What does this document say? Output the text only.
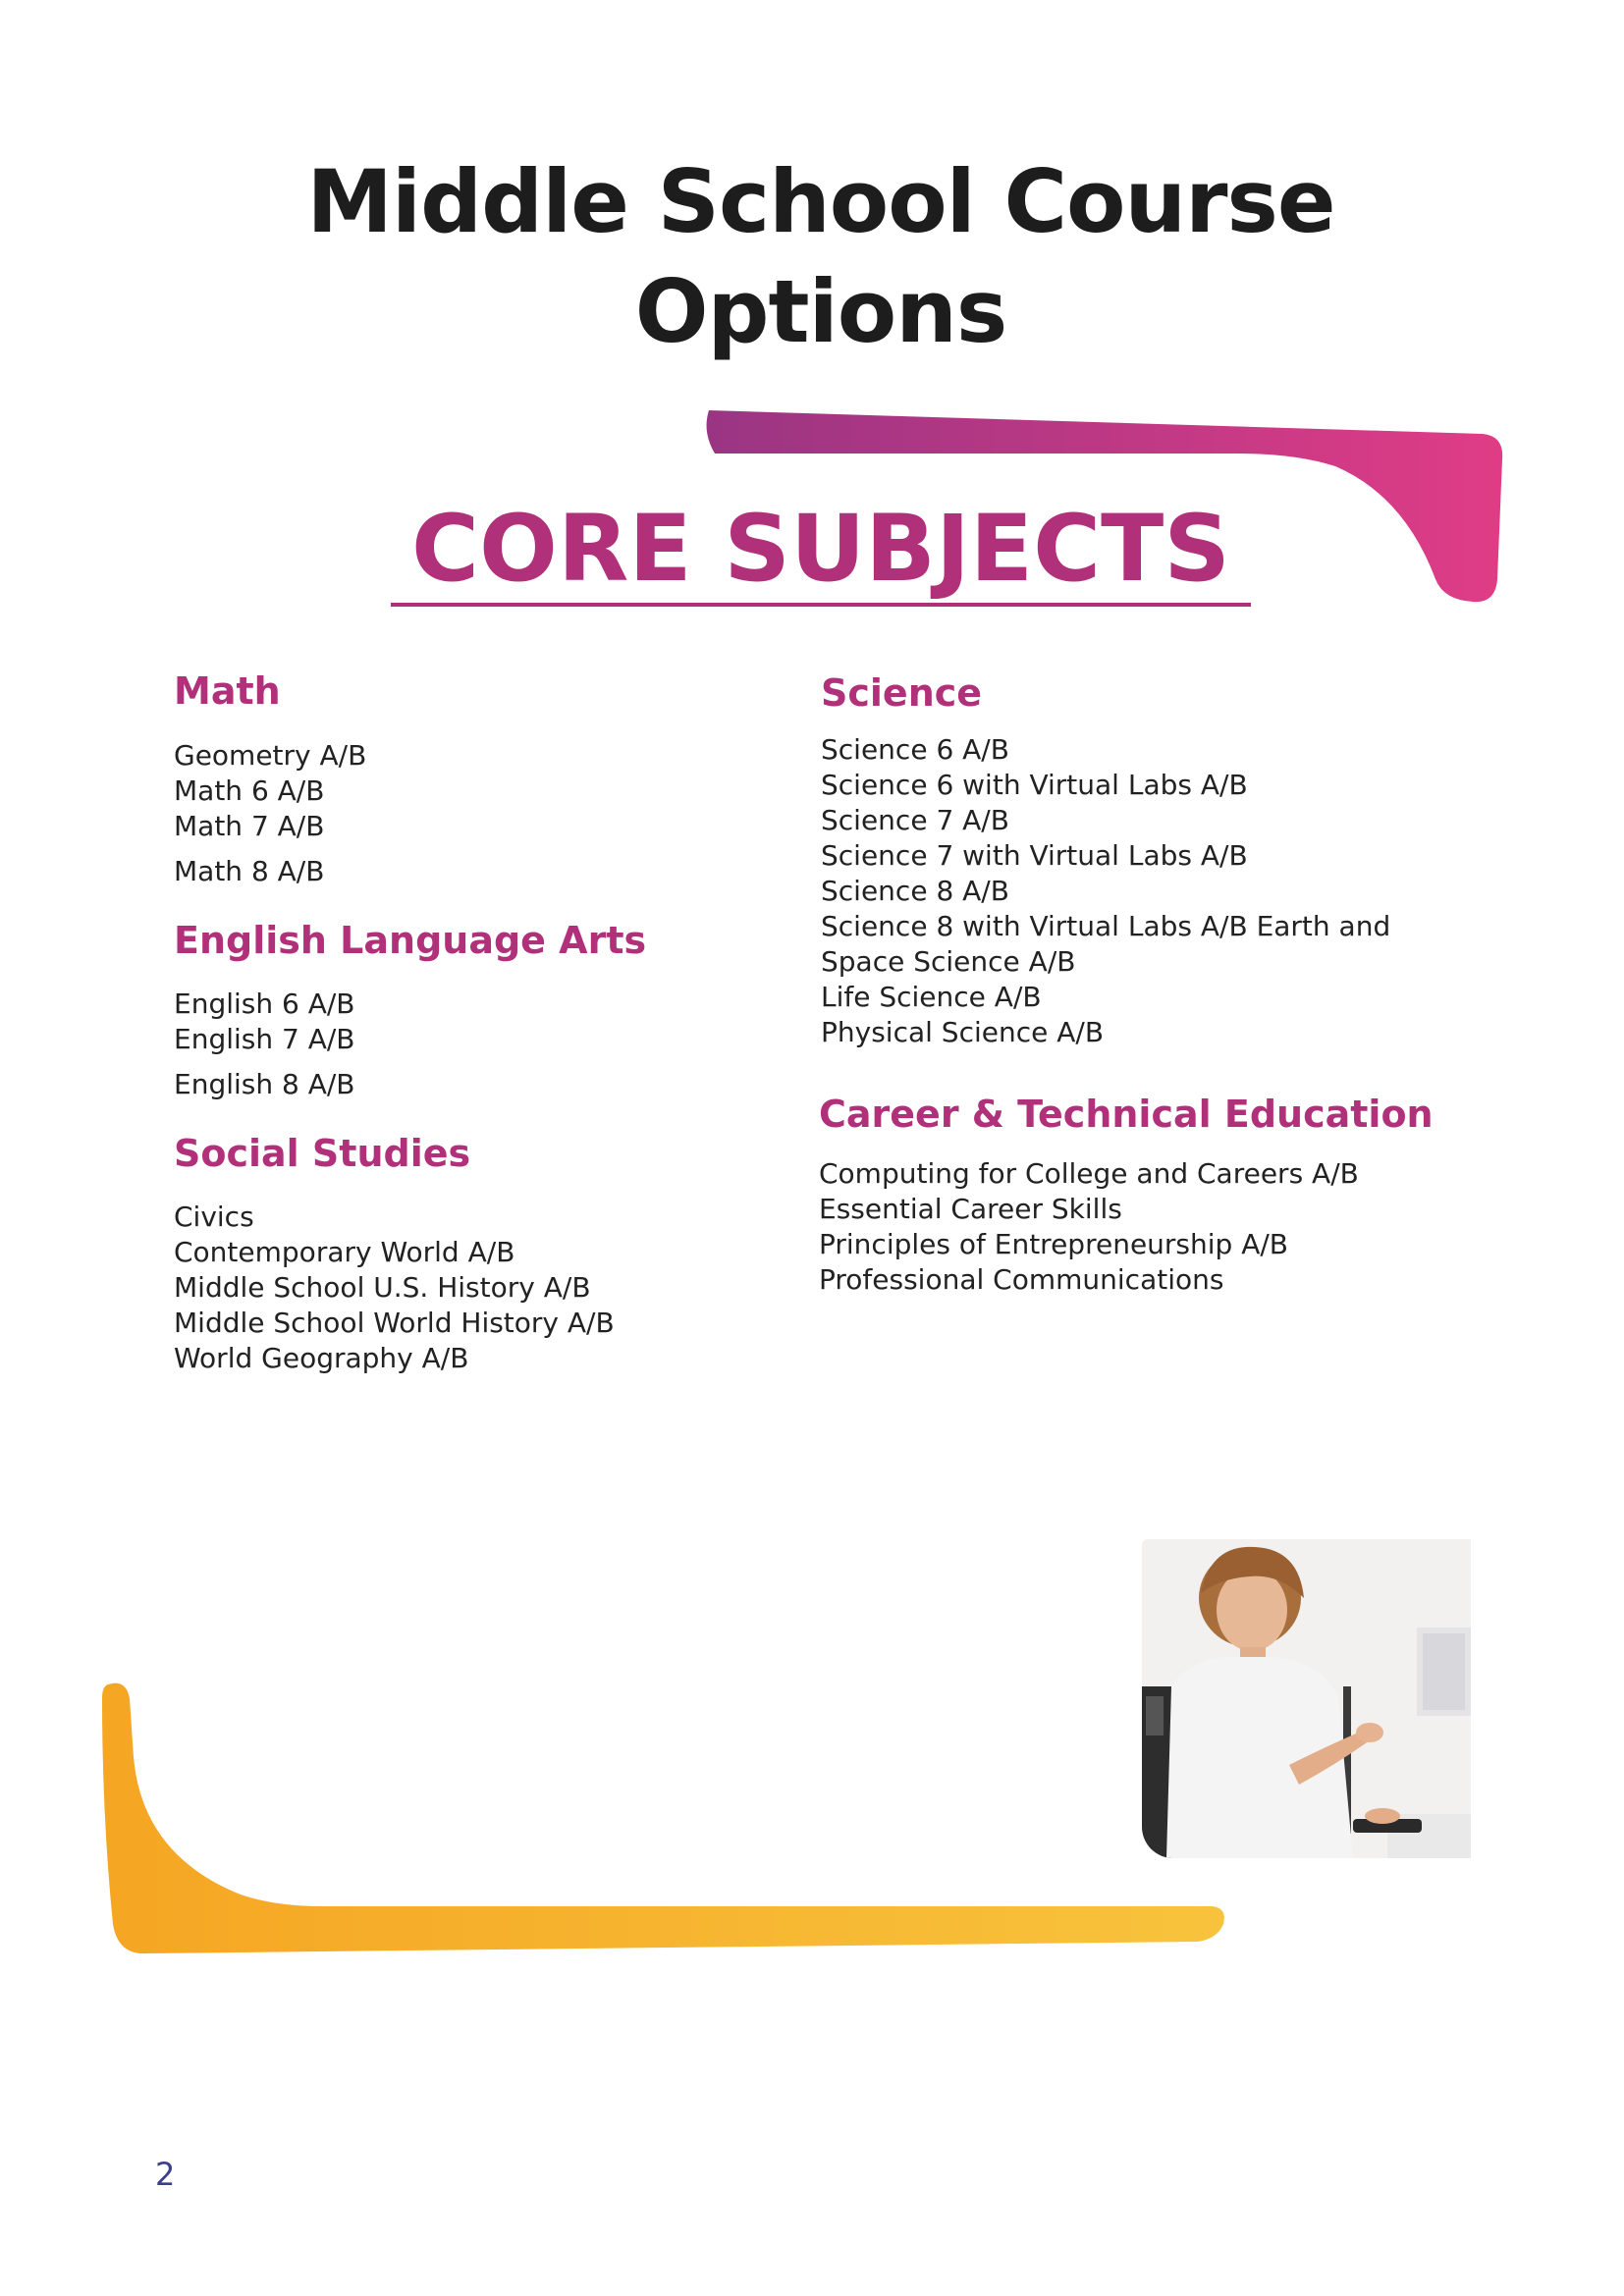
Middle School Course
Options
CORE SUBJECTS
Math
Geometry A/B
Math 6 A/B
Math 7 A/B
Math 8 A/B
English Language Arts
English 6 A/B
English 7 A/B
English 8 A/B
Social Studies
Civics
Contemporary World A/B
Middle School U.S. History A/B
Middle School World History A/B
World Geography A/B
Science
Science 6 A/B
Science 6 with Virtual Labs A/B
Science 7 A/B
Science 7 with Virtual Labs A/B
Science 8 A/B
Science 8 with Virtual Labs A/B Earth and
Space Science A/B
Life Science A/B
Physical Science A/B
Career & Technical Education
Computing for College and Careers A/B
Essential Career Skills
Principles of Entrepreneurship A/B
Professional Communications
2
